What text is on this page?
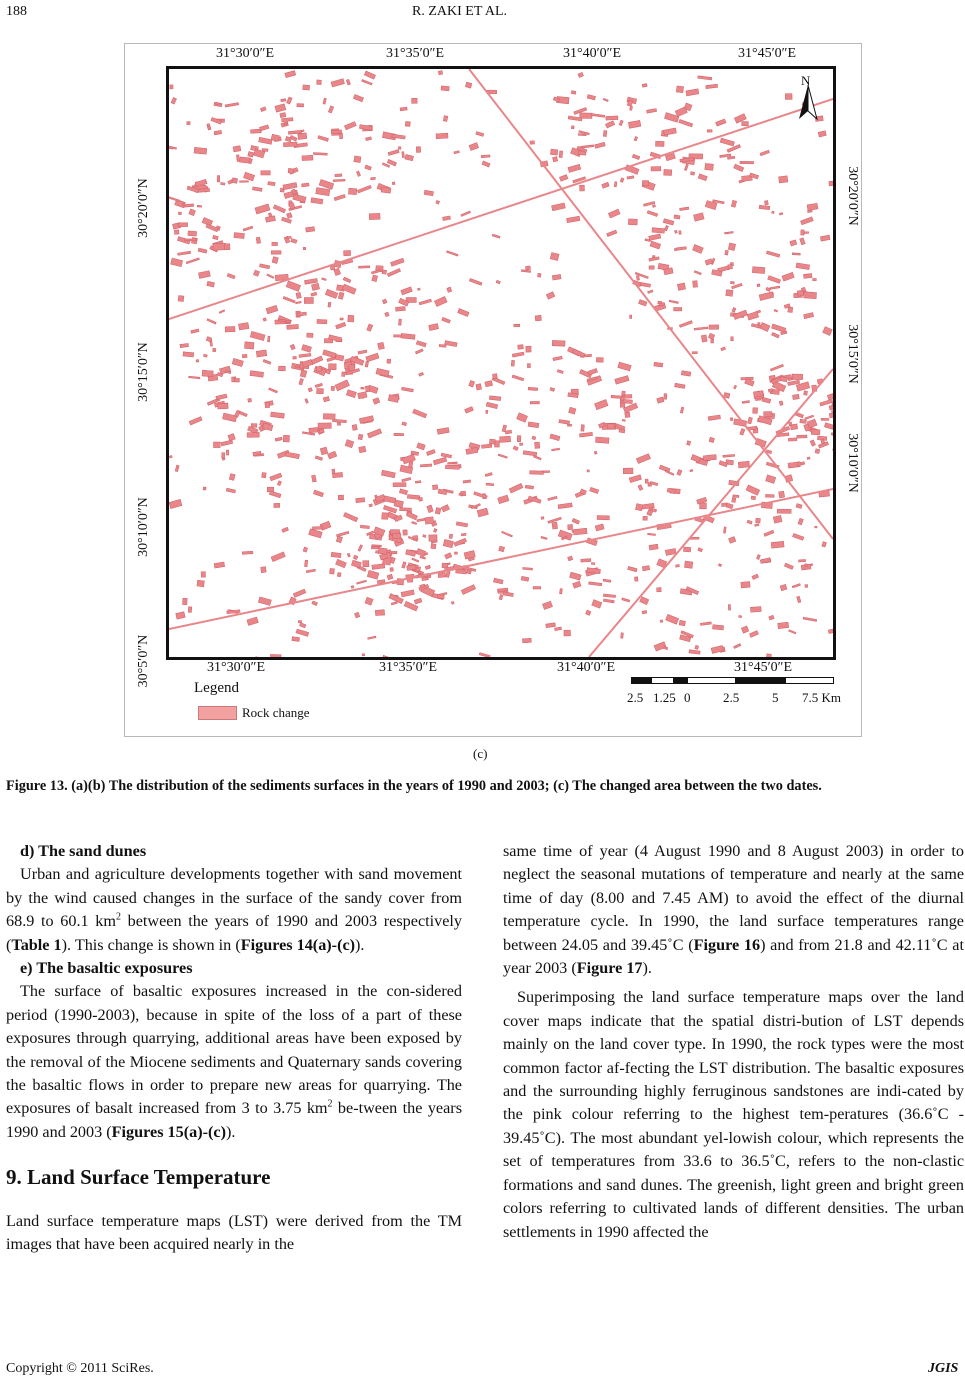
188	R. ZAKI ET AL.
31°30′0″E	31°35′0″E	31°40′0″E	31°45′0″E
31°30′0″E	31°35′0″E	31°40′0″E	31°45′0″E
30°20′0″N
30°15′0″N
30°10′0″N
30°5′0″N
30°20′0″N
30°15′0″N
30°10′0″N
N
Legend
Rock change
2.5 1.25 0	2.5	5 7.5 Km
(c)
Figure 13. (a)(b) The distribution of the sediments surfaces in the years of 1990 and 2003; (c) The changed area between the two dates.

d) The sand dunes

Urban and agriculture developments together with sand movement by the wind caused changes in the surface of the sandy cover from 68.9 to 60.1 $km^2$ between the years of 1990 and 2003 respectively (Table 1). This change is shown in (Figures 14(a)-(c)).

e) The basaltic exposures

The surface of basaltic exposures increased in the con-sidered period (1990-2003), because in spite of the loss of a part of these exposures through quarrying, additional areas have been exposed by the removal of the Miocene sediments and Quaternary sands covering the basaltic flows in order to prepare new areas for quarrying. The exposures of basalt increased from 3 to 3.75 $km^2$ be-tween the years 1990 and 2003 (Figures 15(a)-(c)).

9. Land Surface Temperature

Land surface temperature maps (LST) were derived from the TM images that have been acquired nearly in the

same time of year (4 August 1990 and 8 August 2003) in order to neglect the seasonal mutations of temperature and nearly at the same time of day (8.00 and 7.45 AM) to avoid the effect of the diurnal temperature cycle. In 1990, the land surface temperatures range between 24.05 and 39.45˚C (Figure 16) and from 21.8 and 42.11˚C at year 2003 (Figure 17).

Superimposing the land surface temperature maps over the land cover maps indicate that the spatial distri-bution of LST depends mainly on the land cover type. In 1990, the rock types were the most common factor af-fecting the LST distribution. The basaltic exposures and the surrounding highly ferruginous sandstones are indi-cated by the pink colour referring to the highest tem-peratures (36.6˚C - 39.45˚C). The most abundant yel-lowish colour, which represents the set of temperatures from 33.6 to 36.5˚C, refers to the non-clastic formations and sand dunes. The greenish, light green and bright green colors referring to cultivated lands of different densities. The urban settlements in 1990 affected the

Copyright © 2011 SciRes.	JGIS
